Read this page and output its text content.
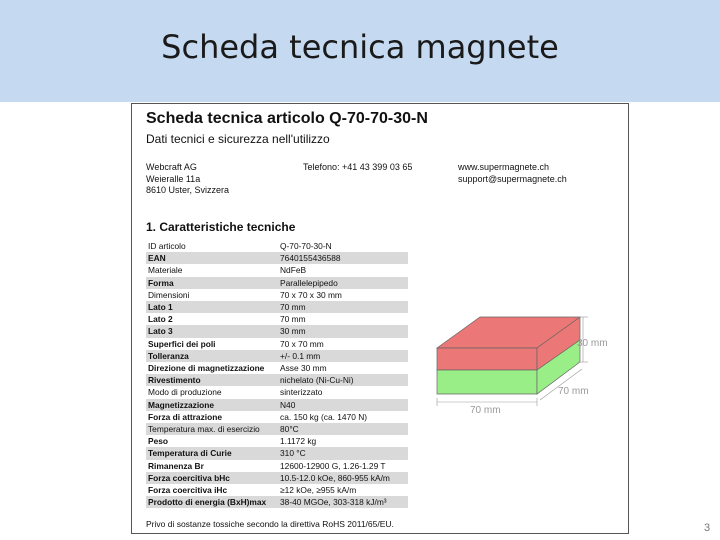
Scheda tecnica magnete
Scheda tecnica articolo Q-70-70-30-N
Dati tecnici e sicurezza nell'utilizzo
Webcraft AG
Weieralle 11a
8610 Uster, Svizzera
Telefono: +41 43 399 03 65	www.supermagnete.ch
support@supermagnete.ch
1. Caratteristiche tecniche
ID articolo	Q-70-70-30-N
EAN	7640155436588
Materiale	NdFeB
Forma	Parallelepipedo
Dimensioni	70 x 70 x 30 mm
Lato 1	70 mm
Lato 2	70 mm
Lato 3	30 mm
Superfici dei poli	70 x 70 mm
Tolleranza	+/- 0.1 mm
Direzione di magnetizzazione	Asse 30 mm
Rivestimento	nichelato (Ni-Cu-Ni)
Modo di produzione	sinterizzato
Magnetizzazione	N40
Forza di attrazione	ca. 150 kg (ca. 1470 N)
Temperatura max. di esercizio	80°C
Peso	1.1172 kg
Temperatura di Curie	310 °C
Rimanenza Br	12600-12900 G, 1.26-1.29 T
Forza coercitiva bHc	10.5-12.0 kOe, 860-955 kA/m
Forza coercitiva iHc	≥12 kOe, ≥955 kA/m
Prodotto di energia (BxH)max	38-40 MGOe, 303-318 kJ/m³
30 mm
70 mm
70 mm
Privo di sostanze tossiche secondo la direttiva RoHS 2011/65/EU.	3
